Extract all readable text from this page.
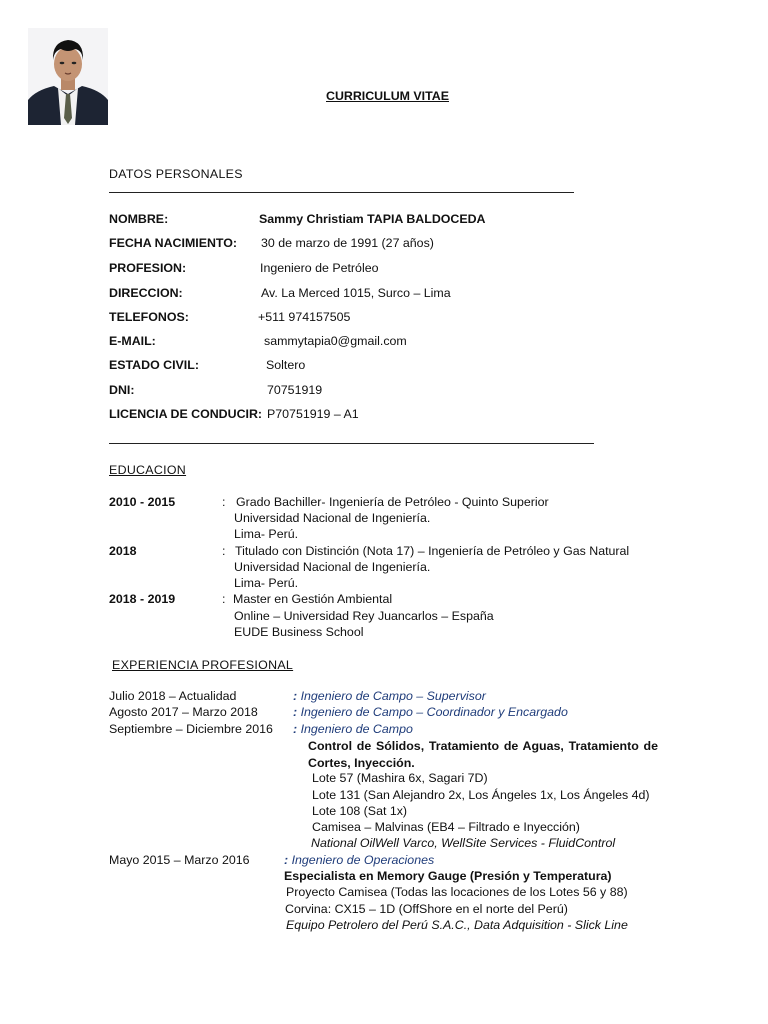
CURRICULUM VITAE
DATOS PERSONALES
NOMBRE:	Sammy Christiam TAPIA BALDOCEDA
FECHA NACIMIENTO: 30 de marzo de 1991 (27 años)
PROFESION:	Ingeniero de Petróleo
DIRECCION:	Av. La Merced 1015, Surco – Lima
TELEFONOS:	+511 974157505
E-MAIL:	sammytapia0@gmail.com
ESTADO CIVIL:	Soltero
DNI:	70751919
LICENCIA DE CONDUCIR: P70751919 – A1
EDUCACION
2010 - 2015	: Grado Bachiller- Ingeniería de Petróleo - Quinto Superior
Universidad Nacional de Ingeniería.
Lima- Perú.
2018	: Titulado con Distinción (Nota 17) – Ingeniería de Petróleo y Gas Natural
Universidad Nacional de Ingeniería.
Lima- Perú.
2018 - 2019	: Master en Gestión Ambiental
Online – Universidad Rey Juancarlos – España
EUDE Business School
EXPERIENCIA PROFESIONAL
Julio 2018 – Actualidad	: Ingeniero de Campo – Supervisor
Agosto 2017 – Marzo 2018	: Ingeniero de Campo – Coordinador y Encargado
Septiembre – Diciembre 2016 : Ingeniero de Campo
Control de Sólidos, Tratamiento de Aguas, Tratamiento de Cortes, Inyección.
Lote 57 (Mashira 6x, Sagari 7D)
Lote 131 (San Alejandro 2x, Los Ángeles 1x, Los Ángeles 4d)
Lote 108 (Sat 1x)
Camisea – Malvinas (EB4 – Filtrado e Inyección)
National OilWell Varco, WellSite Services - FluidControl
Mayo 2015 – Marzo 2016	: Ingeniero de Operaciones
Especialista en Memory Gauge (Presión y Temperatura)
Proyecto Camisea (Todas las locaciones de los Lotes 56 y 88)
Corvina: CX15 – 1D (OffShore en el norte del Perú)
Equipo Petrolero del Perú S.A.C., Data Adquisition - Slick Line
